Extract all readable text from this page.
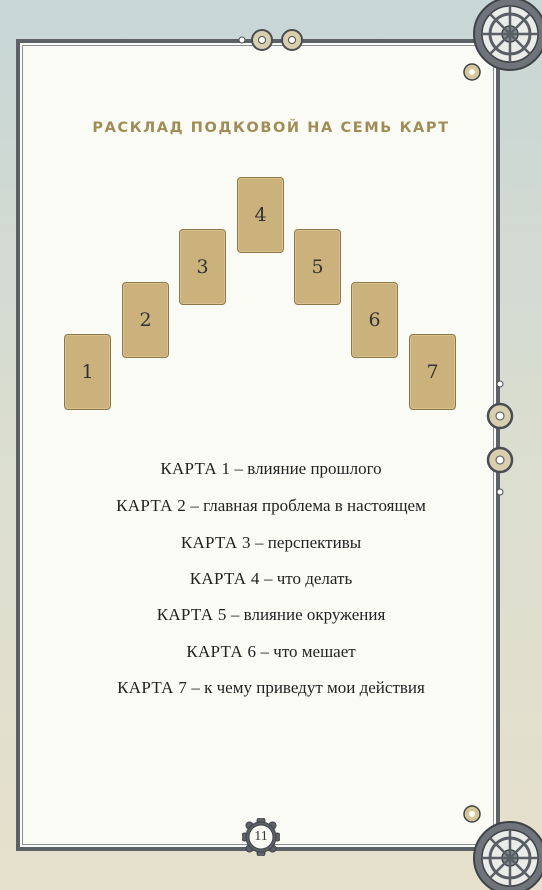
11
РАСКЛАД ПОДКОВОЙ НА СЕМЬ КАРТ
1
2
3
4
5
6
7
КАРТА 1 – влияние прошлого
КАРТА 2 – главная проблема в настоящем
КАРТА 3 – перспективы
КАРТА 4 – что делать
КАРТА 5 – влияние окружения
КАРТА 6 – что мешает
КАРТА 7 – к чему приведут мои действия
